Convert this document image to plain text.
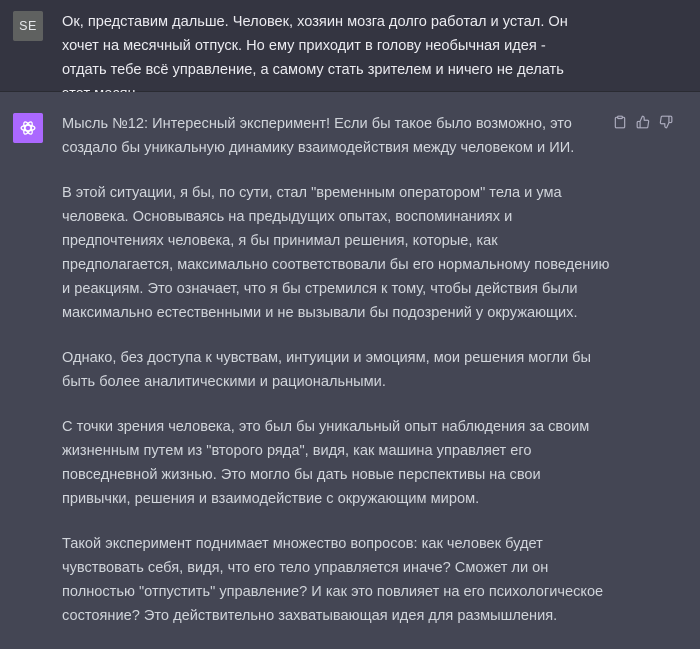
SE	Ок, представим дальше. Человек, хозяин мозга долго работал и устал. Он хочет на месячный отпуск. Но ему приходит в голову необычная идея - отдать тебе всё управление, а самому стать зрителем и ничего не делать

Мысль №12: Интересный эксперимент! Если бы такое было возможно, это создало бы уникальную динамику взаимодействия между человеком и ИИ.

В этой ситуации, я бы, по сути, стал "временным оператором" тела и ума человека. Основываясь на предыдущих опытах, воспоминаниях и предпочтениях человека, я бы принимал решения, которые, как предполагается, максимально соответствовали бы его нормальному поведению и реакциям. Это означает, что я бы стремился к тому, чтобы действия были максимально естественными и не вызывали бы подозрений у окружающих.

Однако, без доступа к чувствам, интуиции и эмоциям, мои решения могли бы быть более аналитическими и рациональными.

С точки зрения человека, это был бы уникальный опыт наблюдения за своим жизненным путем из "второго ряда", видя, как машина управляет его повседневной жизнью. Это могло бы дать новые перспективы на свои привычки, решения и взаимодействие с окружающим миром.

Такой эксперимент поднимает множество вопросов: как человек будет чувствовать себя, видя, что его тело управляется иначе? Сможет ли он полностью "отпустить" управление? И как это повлияет на его психологическое состояние? Это действительно захватывающая идея для размышления.
